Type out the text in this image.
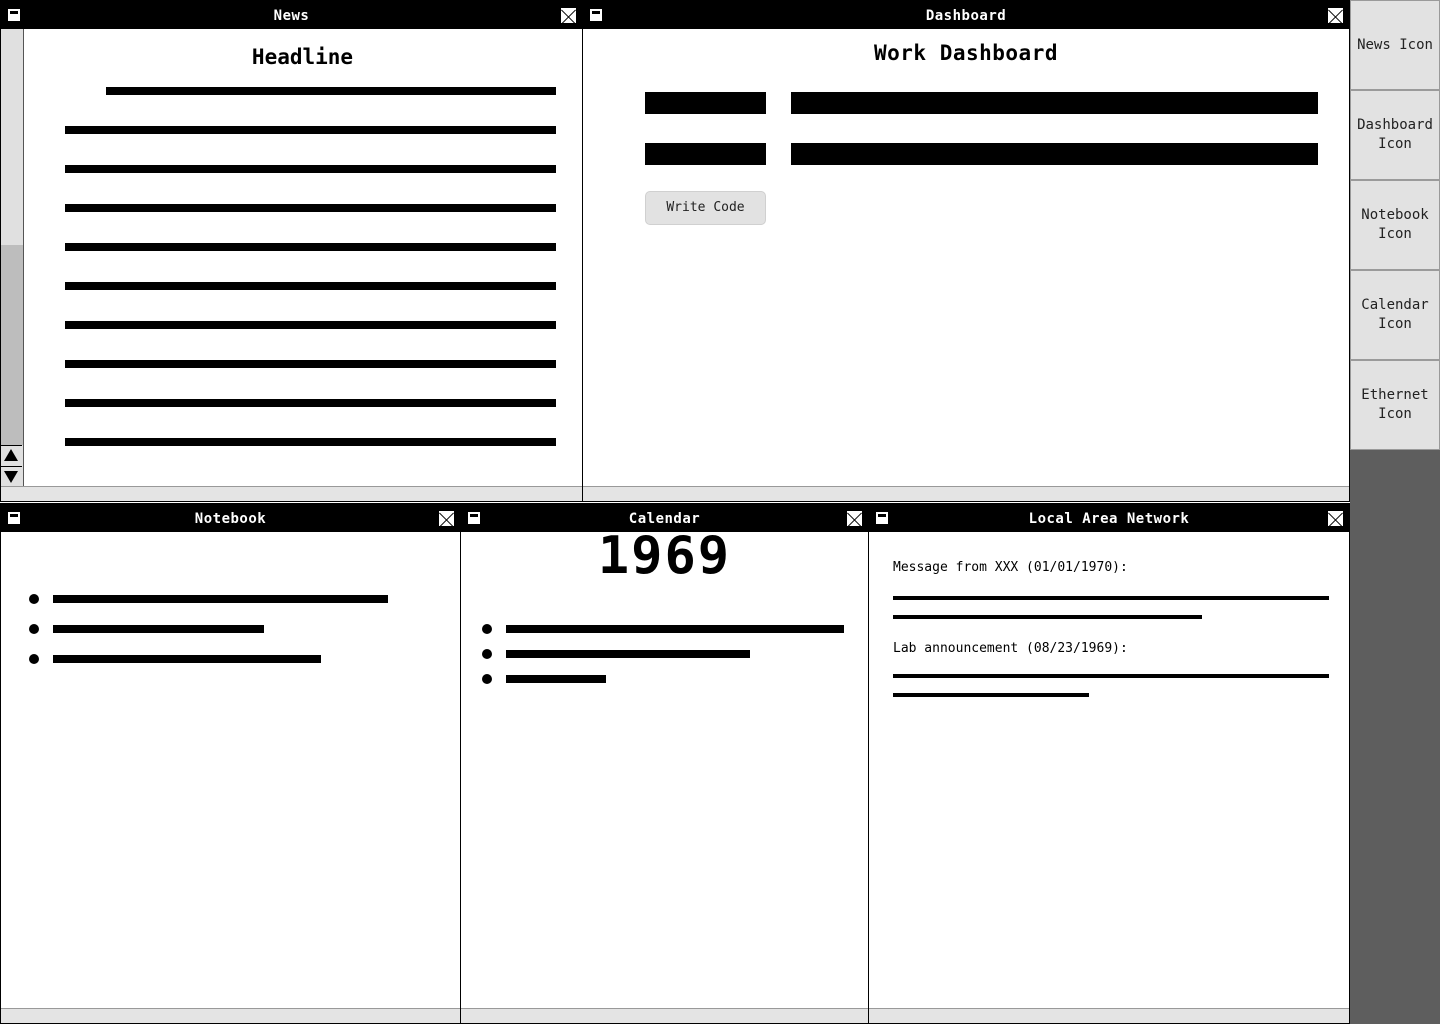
News
Headline
Dashboard
Work Dashboard
Write Code
Notebook	Calendar
1969
Local Area Network
Message from XXX (01/01/1970):
Lab announcement (08/23/1969):
News Icon
Dashboard Icon
Notebook Icon
Calendar Icon
Ethernet Icon
